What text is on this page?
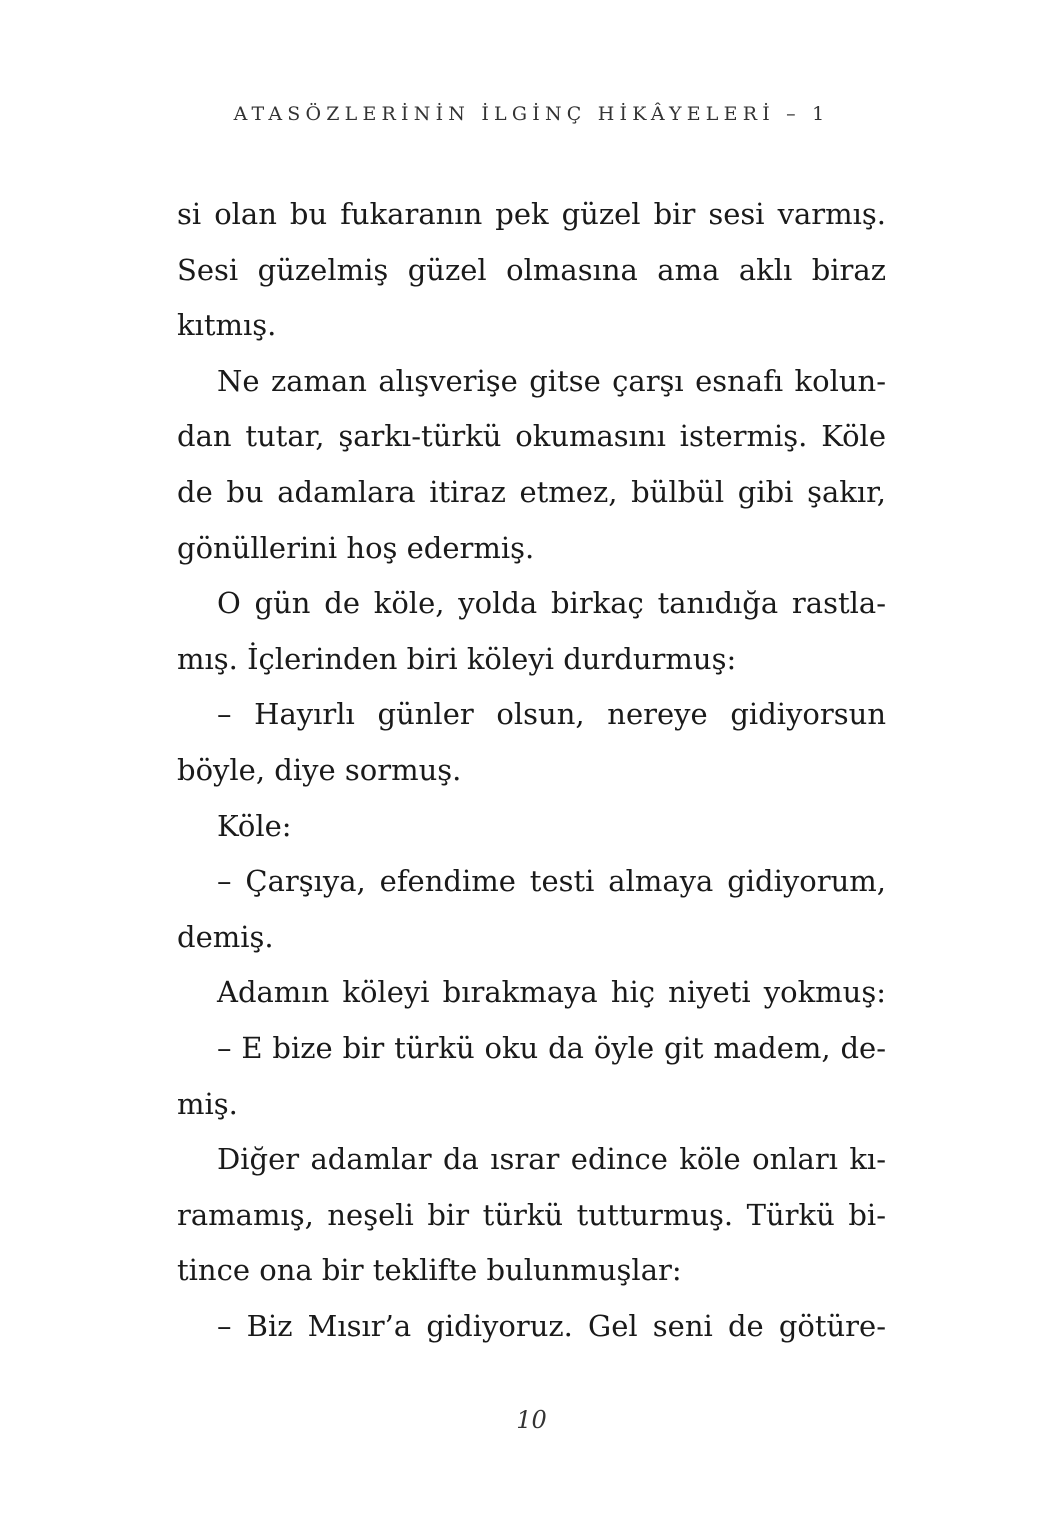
ATASÖZLERİNİN İLGİNÇ HİKÂYELERİ – 1
si olan bu fukaranın pek güzel bir sesi varmış.
Sesi güzelmiş güzel olmasına ama aklı biraz
kıtmış.
Ne zaman alışverişe gitse çarşı esnafı kolun-
dan tutar, şarkı-türkü okumasını istermiş. Köle
de bu adamlara itiraz etmez, bülbül gibi şakır,
gönüllerini hoş edermiş.
O gün de köle, yolda birkaç tanıdığa rastla-
mış. İçlerinden biri köleyi durdurmuş:
– Hayırlı günler olsun, nereye gidiyorsun
böyle, diye sormuş.
Köle:
– Çarşıya, efendime testi almaya gidiyorum,
demiş.
Adamın köleyi bırakmaya hiç niyeti yokmuş:
– E bize bir türkü oku da öyle git madem, de-
miş.
Diğer adamlar da ısrar edince köle onları kı-
ramamış, neşeli bir türkü tutturmuş. Türkü bi-
tince ona bir teklifte bulunmuşlar:
– Biz Mısır’a gidiyoruz. Gel seni de götüre-
10
